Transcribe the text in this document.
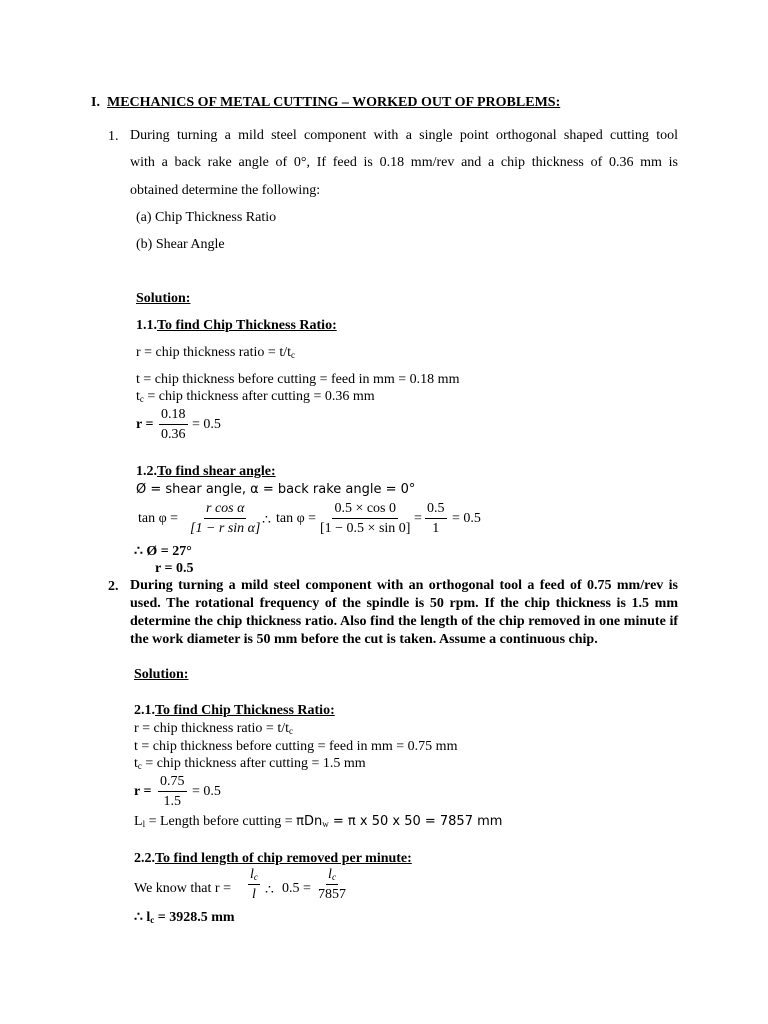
I. MECHANICS OF METAL CUTTING – WORKED OUT OF PROBLEMS:
1. During turning a mild steel component with a single point orthogonal shaped cutting tool
with a back rake angle of 0°, If feed is 0.18 mm/rev and a chip thickness of 0.36 mm is
obtained determine the following:
(a) Chip Thickness Ratio
(b) Shear Angle
Solution:
1.1.To find Chip Thickness Ratio:
r = chip thickness ratio = $t/t_c$
t = chip thickness before cutting = feed in mm = 0.18 mm
$t_c$ = chip thickness after cutting = 0.36 mm
$r = \frac{0.18}{0.36} = 0.5$
1.2.To find shear angle:
Ø = shear angle, α = back rake angle = 0°
$\tan \varphi = \frac{\text{r cos α}}{\text{[1 − r sin α]}}$ ∴ $\tan \varphi = \frac{0.5 \times \cos 0}{[1 - 0.5 \times \sin 0]} = \frac{0.5}{1} = 0.5$
∴ Ø = 27°
r = 0.5
2. During turning a mild steel component with an orthogonal tool a feed of 0.75 mm/rev is used. The rotational frequency of the spindle is 50 rpm. If the chip thickness is 1.5 mm determine the chip thickness ratio. Also find the length of the chip removed in one minute if the work diameter is 50 mm before the cut is taken. Assume a continuous chip.
Solution:
2.1.To find Chip Thickness Ratio:
r = chip thickness ratio = $t/t_c$
t = chip thickness before cutting = feed in mm = 0.75 mm
$t_c$ = chip thickness after cutting = 1.5 mm
$r = \frac{0.75}{1.5} = 0.5$
$L_l$ = Length before cutting = πDn$_w$ = π x 50 x 50 = 7857 mm
2.2.To find length of chip removed per minute:
We know that $r = \frac{l_c}{l}$ ∴ $0.5 = \frac{l_c}{7857}$
∴ $l_c = 3928.5$ mm
